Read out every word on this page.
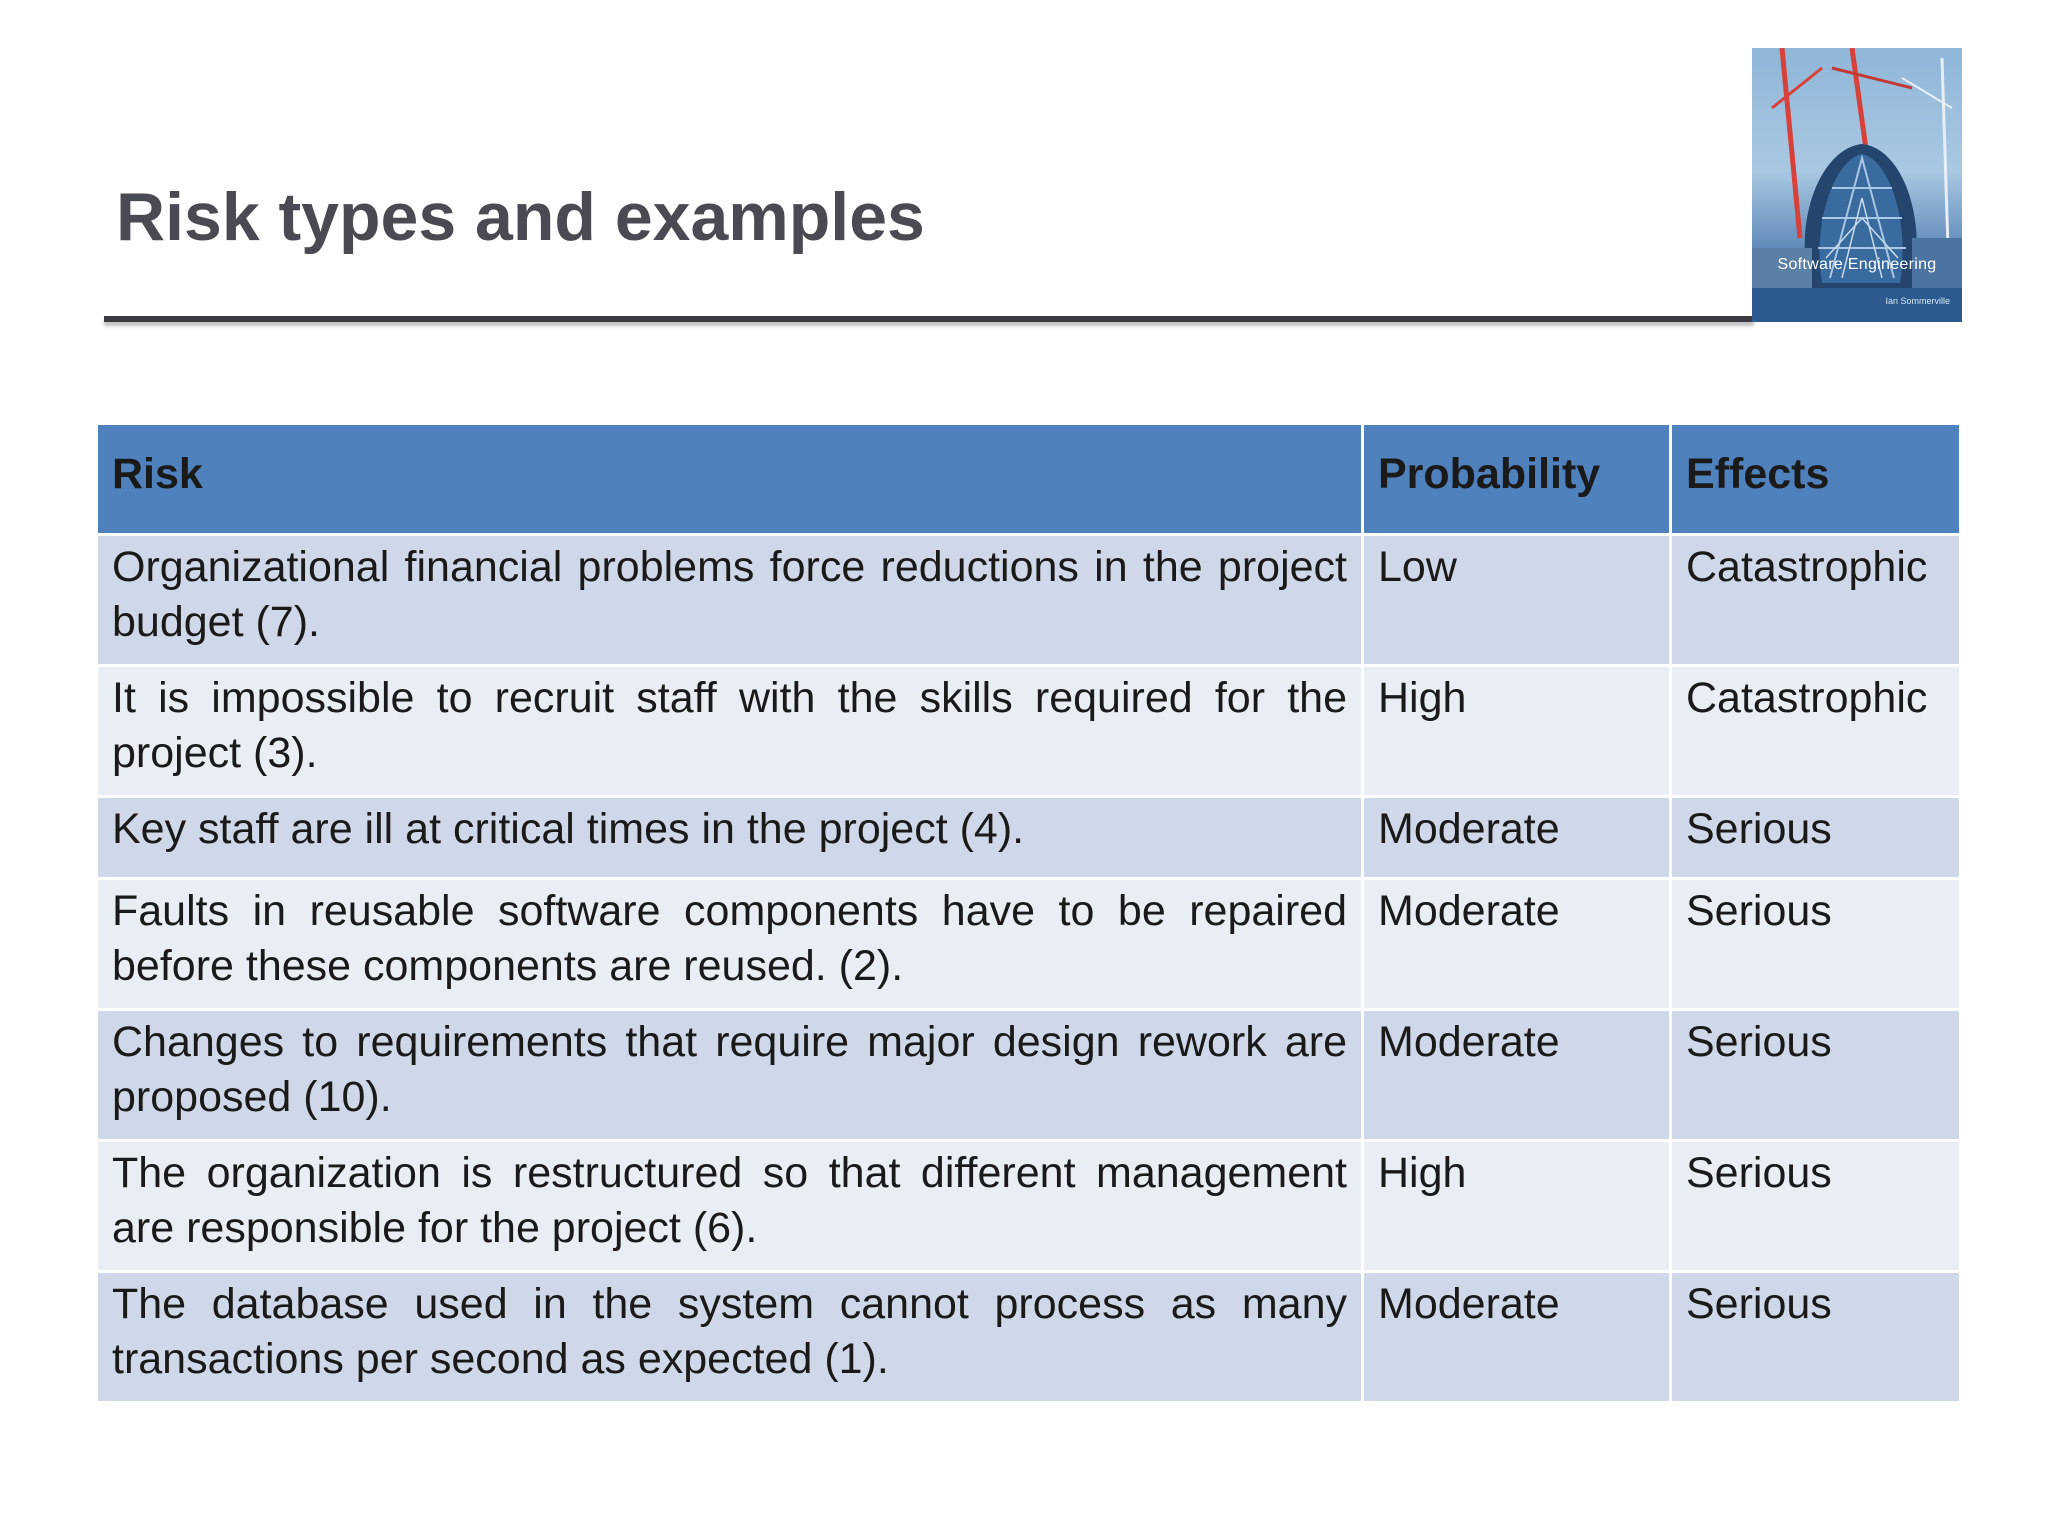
Risk types and examples
Software Engineering
Ian Sommerville
Risk	Probability	Effects
Organizational financial problems force reductions in the project budget (7).	Low	Catastrophic
It is impossible to recruit staff with the skills required for the project (3).	High	Catastrophic
Key staff are ill at critical times in the project (4).	Moderate	Serious
Faults in reusable software components have to be repaired before these components are reused. (2).	Moderate	Serious
Changes to requirements that require major design rework are proposed (10).	Moderate	Serious
The organization is restructured so that different management are responsible for the project (6).	High	Serious
The database used in the system cannot process as many transactions per second as expected (1).	Moderate	Serious
